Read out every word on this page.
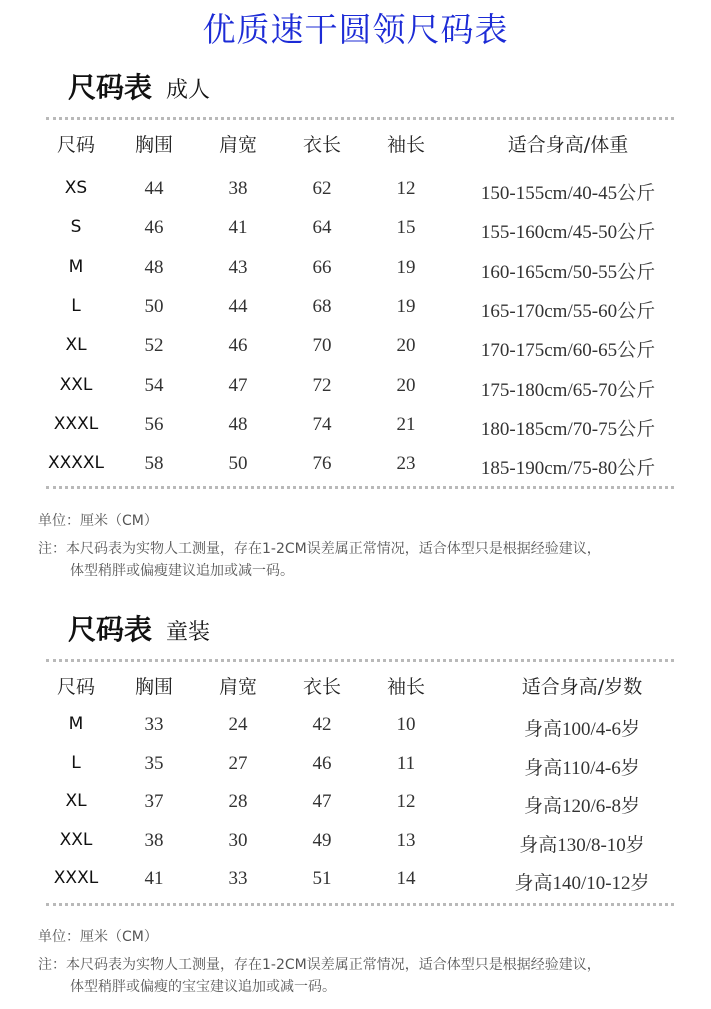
优质速干圆领尺码表
尺码表 成人
尺码	胸围	肩宽	衣长	袖长	适合身高/体重
XS	44	38	62	12	150-155cm/40-45公斤
S	46	41	64	15	155-160cm/45-50公斤
M	48	43	66	19	160-165cm/50-55公斤
L	50	44	68	19	165-170cm/55-60公斤
XL	52	46	70	20	170-175cm/60-65公斤
XXL	54	47	72	20	175-180cm/65-70公斤
XXXL	56	48	74	21	180-185cm/70-75公斤
XXXXL	58	50	76	23	185-190cm/75-80公斤
单位：厘米（CM）
注：本尺码表为实物人工测量，存在1-2CM误差属正常情况，适合体型只是根据经验建议，
体型稍胖或偏瘦建议追加或减一码。
尺码表 童装
尺码	胸围	肩宽	衣长	袖长	适合身高/岁数
M	33	24	42	10	身高100/4-6岁
L	35	27	46	11	身高110/4-6岁
XL	37	28	47	12	身高120/6-8岁
XXL	38	30	49	13	身高130/8-10岁
XXXL	41	33	51	14	身高140/10-12岁
单位：厘米（CM）
注：本尺码表为实物人工测量，存在1-2CM误差属正常情况，适合体型只是根据经验建议，
体型稍胖或偏瘦的宝宝建议追加或减一码。
